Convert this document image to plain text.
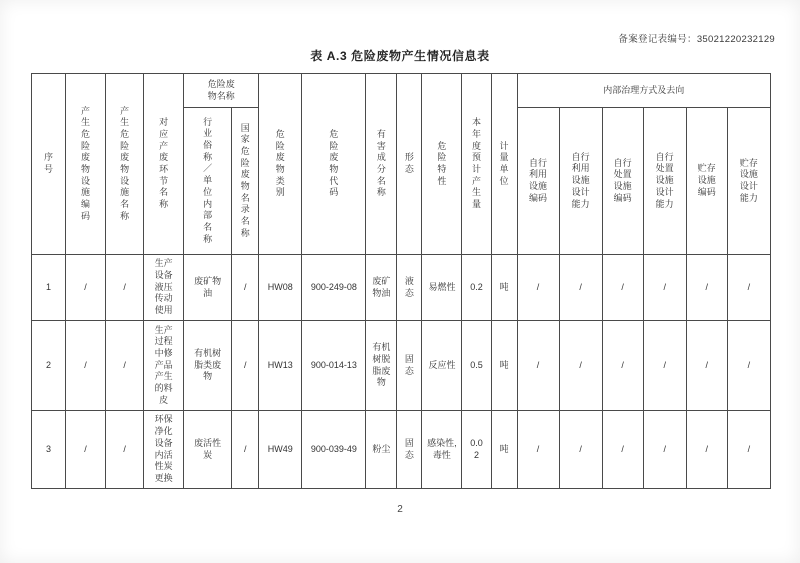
备案登记表编号：35021220232129
表 A.3 危险废物产生情况信息表
序号	产生危险废物设施编码	产生危险废物设施名称	对应产废环节名称	危险废物名称		危险废物类别	危险废物代码	有害成分名称	形态	危险特性	本年度预计产生量	计量单位	内部治理方式及去向					
				行业俗称／单位内部名称	国家危险废物名录名称								自行利用设施编码	自行利用设施设计能力	自行处置设施编码	自行处置设施设计能力	贮存设施编码	贮存设施设计能力
1	/	/	生产设备液压传动使用	废矿物油	/	HW08	900-249-08	废矿物油	液态	易燃性	0.2	吨	/	/	/	/	/	/
2	/	/	生产过程中修产品产生的料皮	有机树脂类废物	/	HW13	900-014-13	有机树脱脂废物	固态	反应性	0.5	吨	/	/	/	/	/	/
3	/	/	环保净化设备内活性炭更换	废活性炭	/	HW49	900-039-49	粉尘	固态	感染性,毒性	0.02	吨	/	/	/	/	/	/
2
